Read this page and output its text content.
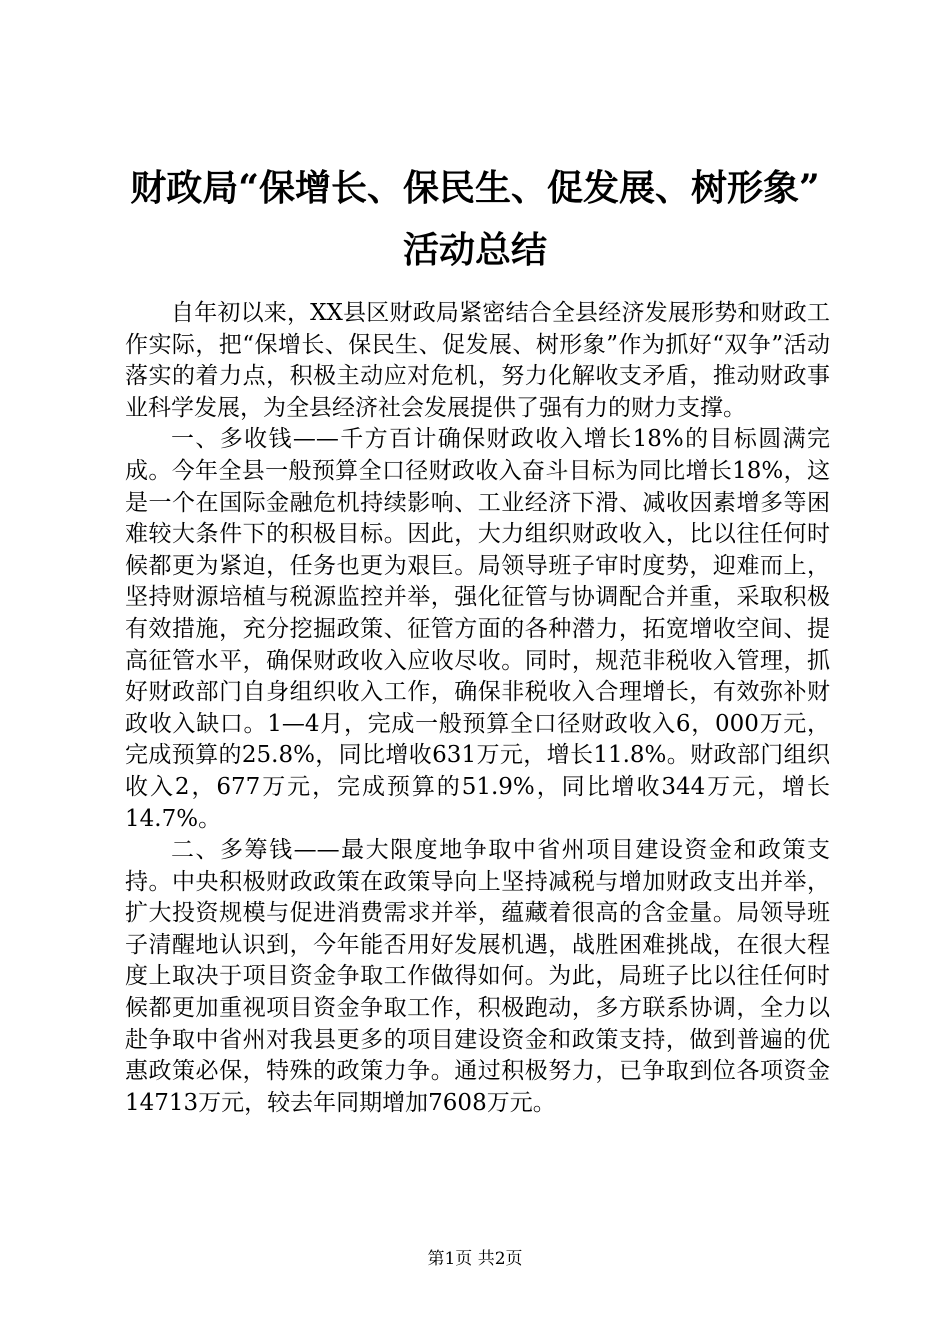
财政局“保增长、保民生、促发展、树形象”
活动总结

自年初以来，XX县区财政局紧密结合全县经济发展形势和财政工作实际，把“保增长、保民生、促发展、树形象”作为抓好“双争”活动落实的着力点，积极主动应对危机，努力化解收支矛盾，推动财政事业科学发展，为全县经济社会发展提供了强有力的财力支撑。

一、多收钱——千方百计确保财政收入增长18%的目标圆满完成。今年全县一般预算全口径财政收入奋斗目标为同比增长18%，这是一个在国际金融危机持续影响、工业经济下滑、减收因素增多等困难较大条件下的积极目标。因此，大力组织财政收入，比以往任何时候都更为紧迫，任务也更为艰巨。局领导班子审时度势，迎难而上，坚持财源培植与税源监控并举，强化征管与协调配合并重，采取积极有效措施，充分挖掘政策、征管方面的各种潜力，拓宽增收空间、提高征管水平，确保财政收入应收尽收。同时，规范非税收入管理，抓好财政部门自身组织收入工作，确保非税收入合理增长，有效弥补财政收入缺口。1—4月，完成一般预算全口径财政收入6，000万元，完成预算的25.8%，同比增收631万元，增长11.8%。财政部门组织收入2，677万元，完成预算的51.9%，同比增收344万元，增长14.7%。

二、多筹钱——最大限度地争取中省州项目建设资金和政策支持。中央积极财政政策在政策导向上坚持减税与增加财政支出并举，扩大投资规模与促进消费需求并举，蕴藏着很高的含金量。局领导班子清醒地认识到，今年能否用好发展机遇，战胜困难挑战，在很大程度上取决于项目资金争取工作做得如何。为此，局班子比以往任何时候都更加重视项目资金争取工作，积极跑动，多方联系协调，全力以赴争取中省州对我县更多的项目建设资金和政策支持，做到普遍的优惠政策必保，特殊的政策力争。通过积极努力，已争取到位各项资金14713万元，较去年同期增加7608万元。

第1页 共2页
